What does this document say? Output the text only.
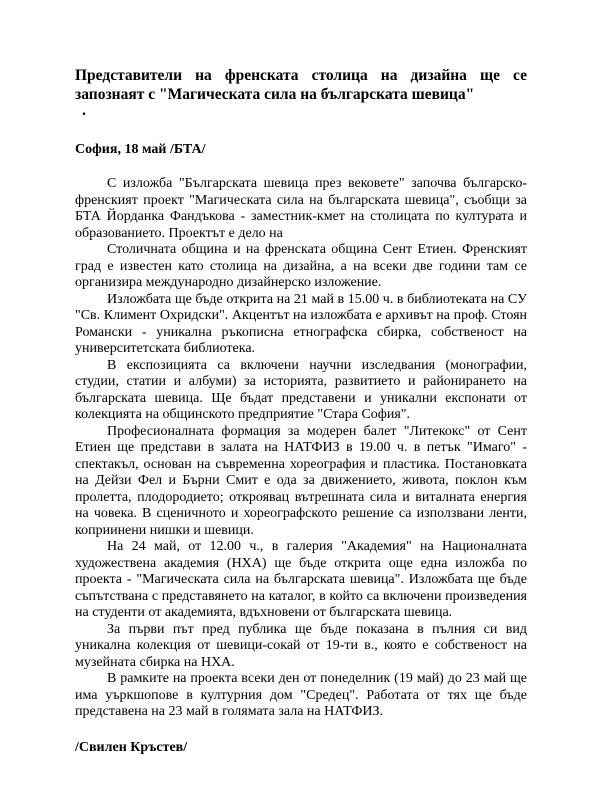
Представители на френската столица на дизайна ще се запознаят с "Магическата сила на българската шевица"

.

София, 18 май /БТА/

С изложба "Българската шевица през вековете" започва българско-френският проект "Магическата сила на българската шевица", съобщи за БТА Йорданка Фандъкова - заместник-кмет на столицата по културата и образованието. Проектът е дело на

Столичната община и на френската община Сент Етиен. Френският град е известен като столица на дизайна, а на всеки две години там се организира международно дизайнерско изложение.

Изложбата ще бъде открита на 21 май в 15.00 ч. в библиотеката на СУ "Св. Климент Охридски". Акцентът на изложбата е архивът на проф. Стоян Романски - уникална ръкописна етнографска сбирка, собственост на университетската библиотека.

В експозицията са включени научни изследвания (монографии, студии, статии и албуми) за историята, развитието и районирането на българската шевица. Ще бъдат представени и уникални експонати от колекцията на общинското предприятие "Стара София".

Професионалната формация за модерен балет "Литекокс" от Сент Етиен ще представи в залата на НАТФИЗ в 19.00 ч. в петък "Имаго" - спектакъл, основан на съвременна хореография и пластика. Постановката на Дейзи Фел и Бърни Смит е ода за движението, живота, поклон към пролетта, плодородието; откроявац вътрешната сила и виталната енергия на човека. В сценичното и хореографското решение са използвани ленти, коприинени нишки и шевици.

На 24 май, от 12.00 ч., в галерия "Академия" на Националната художествена академия (НХА) ще бъде открита още една изложба по проекта - "Магическата сила на българската шевица". Изложбата ще бъде съпътствана с представянето на каталог, в който са включени произведения на студенти от академията, вдъхновени от българската шевица.

За първи път пред публика ще бъде показана в пълния си вид уникална колекция от шевици-сокай от 19-ти в., която е собственост на музейната сбирка на НХА.

В рамките на проекта всеки ден от понеделник (19 май) до 23 май ще има уъркшопове в културния дом "Средец". Работата от тях ще бъде представена на 23 май в голямата зала на НАТФИЗ.

/Свилен Кръстев/
